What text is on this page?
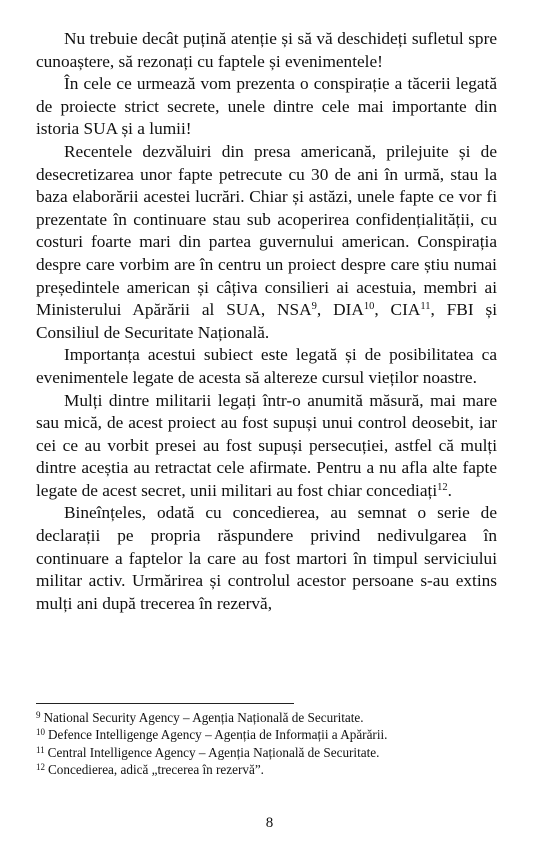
Nu trebuie decât puțină atenție și să vă deschideți sufletul spre cunoaștere, să rezonați cu faptele și evenimentele!

În cele ce urmează vom prezenta o conspirație a tăcerii legată de proiecte strict secrete, unele dintre cele mai importante din istoria SUA și a lumii!

Recentele dezvăluiri din presa americană, prilejuite și de desecretizarea unor fapte petrecute cu 30 de ani în urmă, stau la baza elaborării acestei lucrări. Chiar și astăzi, unele fapte ce vor fi prezentate în continuare stau sub acoperirea confidențialității, cu costuri foarte mari din partea guvernului american. Conspirația despre care vorbim are în centru un proiect despre care știu numai președintele american și câțiva consilieri ai acestuia, membri ai Ministerului Apărării al SUA, NSA$^9$, DIA$^{10}$, CIA$^{11}$, FBI și Consiliul de Securitate Națională.

Importanța acestui subiect este legată și de posibilitatea ca evenimentele legate de acesta să altereze cursul vieților noastre.

Mulți dintre militarii legați într-o anumită măsură, mai mare sau mică, de acest proiect au fost supuși unui control deosebit, iar cei ce au vorbit presei au fost supuși persecuției, astfel că mulți dintre aceștia au retractat cele afirmate. Pentru a nu afla alte fapte legate de acest secret, unii militari au fost chiar concediați$^{12}$.

Bineînțeles, odată cu concedierea, au semnat o serie de declarații pe propria răspundere privind nedivulgarea în continuare a faptelor la care au fost martori în timpul serviciului militar activ. Urmărirea și controlul acestor persoane s-au extins mulți ani după trecerea în rezervă,

$^9$ National Security Agency – Agenția Națională de Securitate.

$^{10}$ Defence Intelligenge Agency – Agenția de Informații a Apărării.

$^{11}$ Central Intelligence Agency – Agenția Națională de Securitate.

$^{12}$ Concedierea, adică „trecerea în rezervă”.

8
